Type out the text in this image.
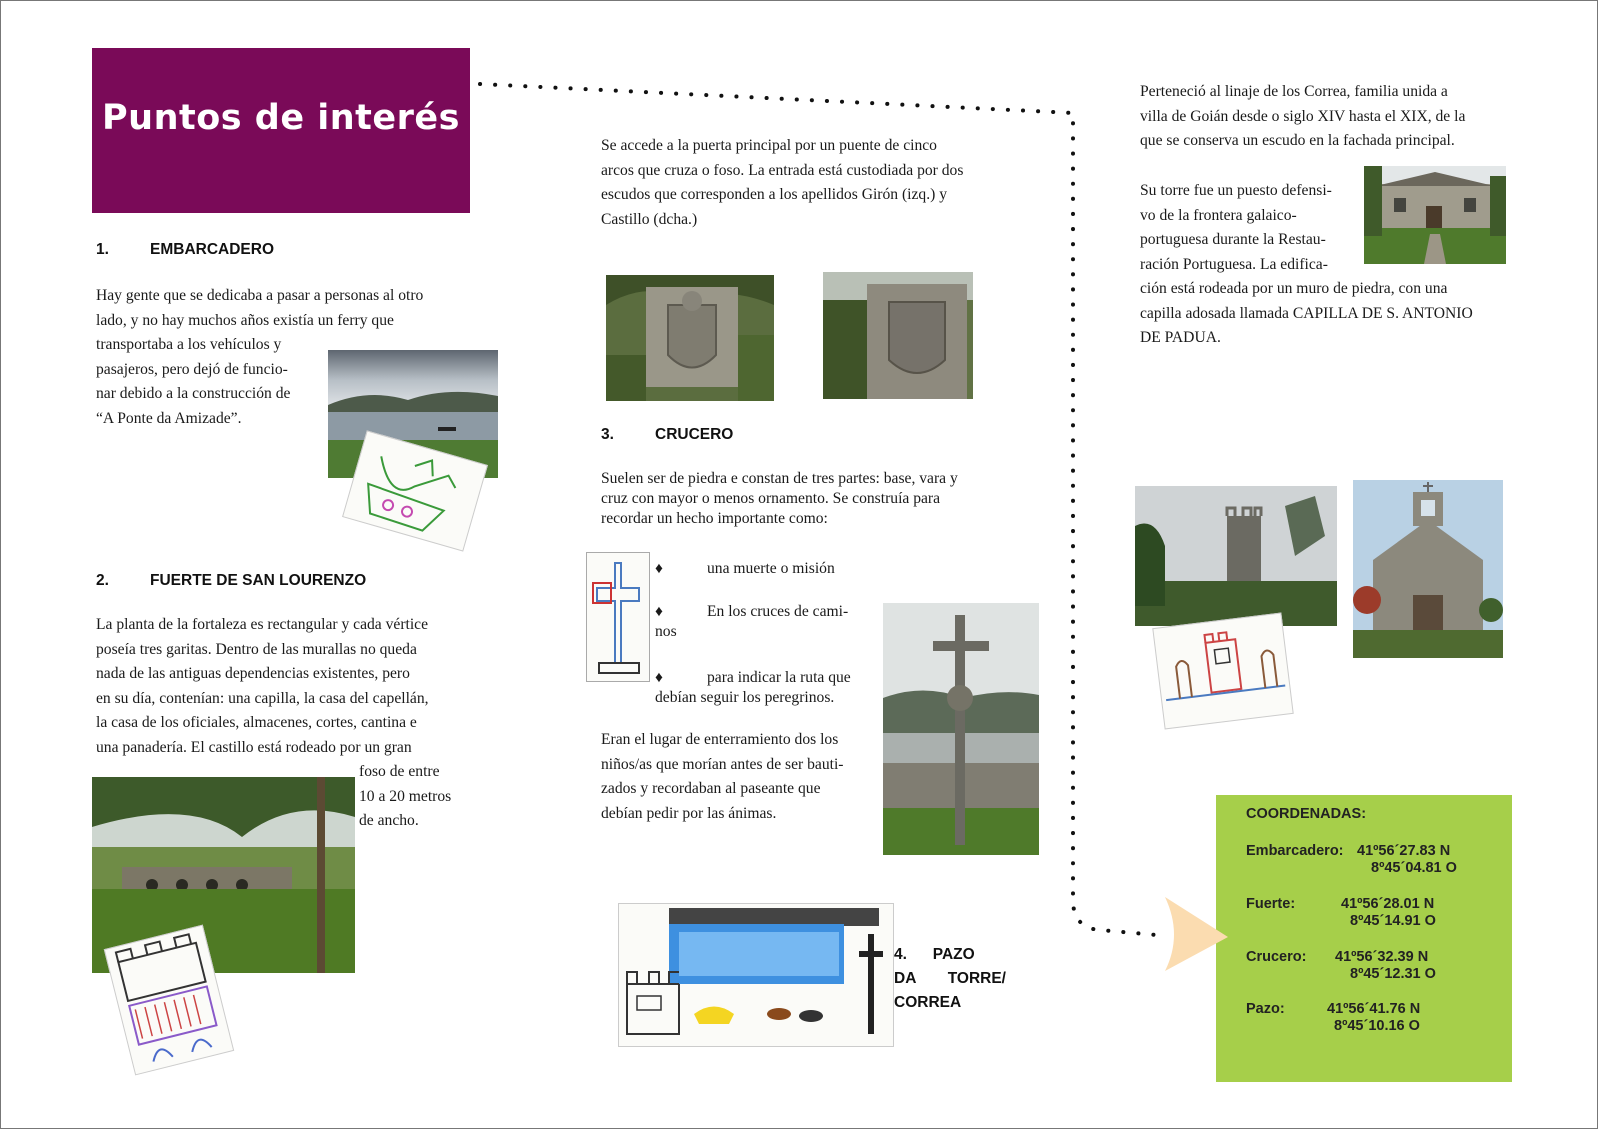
Puntos de interés
1.	EMBARCADERO
Hay gente que se dedicaba a pasar a personas al otro
lado, y no hay muchos años existía un ferry que
transportaba a los vehículos y
pasajeros, pero dejó de funcio-
nar debido a la construcción de
“A Ponte da Amizade”.
2.	FUERTE DE SAN LOURENZO
La planta de la fortaleza es rectangular y cada vértice
poseía tres garitas. Dentro de las murallas no queda
nada de las antiguas dependencias existentes, pero
en su día, contenían: una capilla, la casa del capellán,
la casa de los oficiales, almacenes, cortes, cantina e
una panadería. El castillo está rodeado por un gran
foso de entre
10 a 20 metros
de ancho.
Se accede a la puerta principal por un puente de cinco
arcos que cruza o foso. La entrada está custodiada por dos
escudos que corresponden a los apellidos Girón (izq.) y
Castillo (dcha.)
3.	CRUCERO
Suelen ser de piedra e constan de tres partes: base, vara y
cruz con mayor o menos ornamento. Se construía para
recordar un hecho importante como:
♦	una muerte o misión
♦	En los cruces de cami-
nos
♦	para indicar la ruta que
debían seguir los peregrinos.
Eran el lugar de enterramiento dos los
niños/as que morían antes de ser bauti-
zados y recordaban al paseante que
debían pedir por las ánimas.
4.      PAZO
DA TORRE/
CORREA
Perteneció al linaje de los Correa, familia unida a
villa de Goián desde o siglo XIV hasta el XIX, de la
que se conserva un escudo en la fachada principal.
Su torre fue un puesto defensi-
vo de la frontera galaico-
portuguesa durante la Restau-
ración Portuguesa. La edifica-
ción está rodeada por un muro de piedra, con una
capilla adosada llamada CAPILLA DE S. ANTONIO
DE PADUA.
COORDENADAS:
Embarcadero: 41º56´27.83 N
8º45´04.81 O
Fuerte:	41º56´28.01 N
8º45´14.91 O
Crucero: 41º56´32.39 N
8º45´12.31 O
Pazo:	41º56´41.76 N
8º45´10.16 O
